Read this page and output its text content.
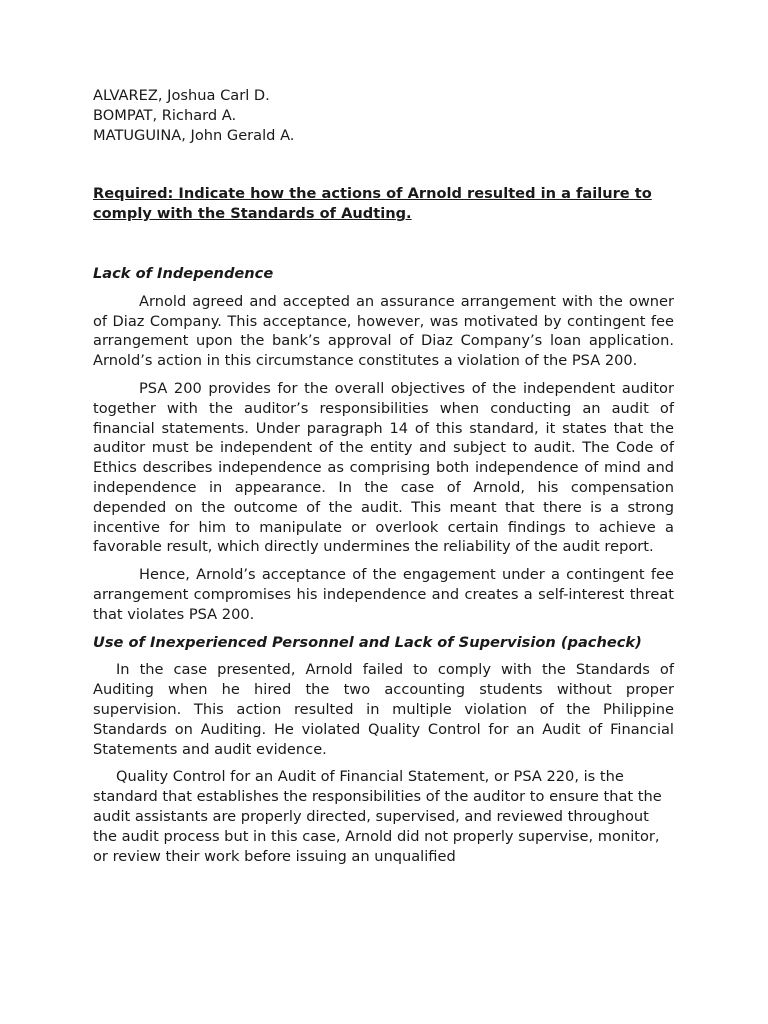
ALVAREZ, Joshua Carl D.
BOMPAT, Richard A.
MATUGUINA, John Gerald A.
Required: Indicate how the actions of Arnold resulted in a failure to comply with the Standards of Audting.
Lack of Independence

Arnold agreed and accepted an assurance arrangement with the owner of Diaz Company. This acceptance, however, was motivated by contingent fee arrangement upon the bank’s approval of Diaz Company’s loan application. Arnold’s action in this circumstance constitutes a violation of the PSA 200.

PSA 200 provides for the overall objectives of the independent auditor together with the auditor’s responsibilities when conducting an audit of financial statements. Under paragraph 14 of this standard, it states that the auditor must be independent of the entity and subject to audit. The Code of Ethics describes independence as comprising both independence of mind and independence in appearance. In the case of Arnold, his compensation depended on the outcome of the audit. This meant that there is a strong incentive for him to manipulate or overlook certain findings to achieve a favorable result, which directly undermines the reliability of the audit report.

Hence, Arnold’s acceptance of the engagement under a contingent fee arrangement compromises his independence and creates a self-interest threat that violates PSA 200.

Use of Inexperienced Personnel and Lack of Supervision (pacheck)

In the case presented, Arnold failed to comply with the Standards of Auditing when he hired the two accounting students without proper supervision. This action resulted in multiple violation of the Philippine Standards on Auditing. He violated Quality Control for an Audit of Financial Statements and audit evidence.

Quality Control for an Audit of Financial Statement, or PSA 220, is the standard that establishes the responsibilities of the auditor to ensure that the audit assistants are properly directed, supervised, and reviewed throughout the audit process but in this case, Arnold did not properly supervise, monitor, or review their work before issuing an unqualified
